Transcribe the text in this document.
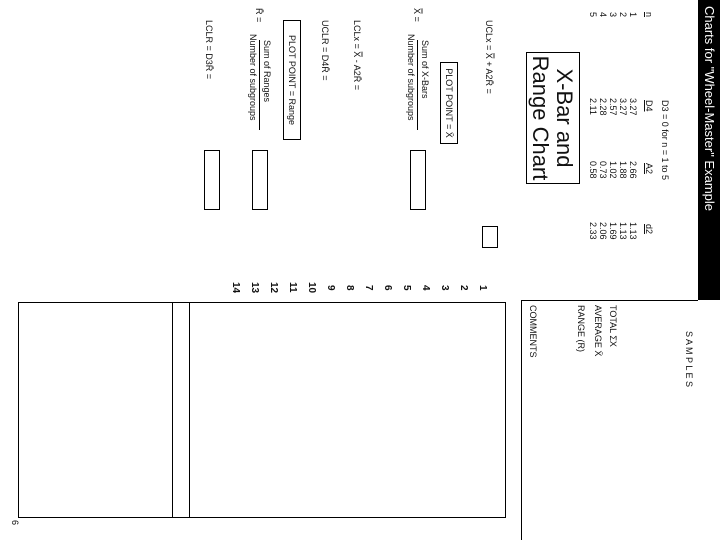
Charts for "Wheel-Master" Example
D3 = 0 for n = 1 to 5
n
D4
A2
d2
1
3.27
2.66
1.13
2
3.27
1.88
1.13
3
2.57
1.02
1.69
4
2.28
0.73
2.06
5
2.11
0.58
2.33
X-Bar and
Range Chart
UCLx = X̿ + A2R̄ =
PLOT POINT = X̄
X̿ =
Sum of X-Bars
Number of subgroups
LCLx = X̿ - A2R̄ =
UCLR = D4R̄ =
PLOT POINT = Range
R̄ =
Sum of Ranges
Number of subgroups
LCLR = D3R̄ =
COMMENTS	S A M P L E S
TOTAL ΣX
AVERAGE X̄
RANGE (R)
1
2
3
4
5
6
7
8
9
10
11
12
13
14
6
